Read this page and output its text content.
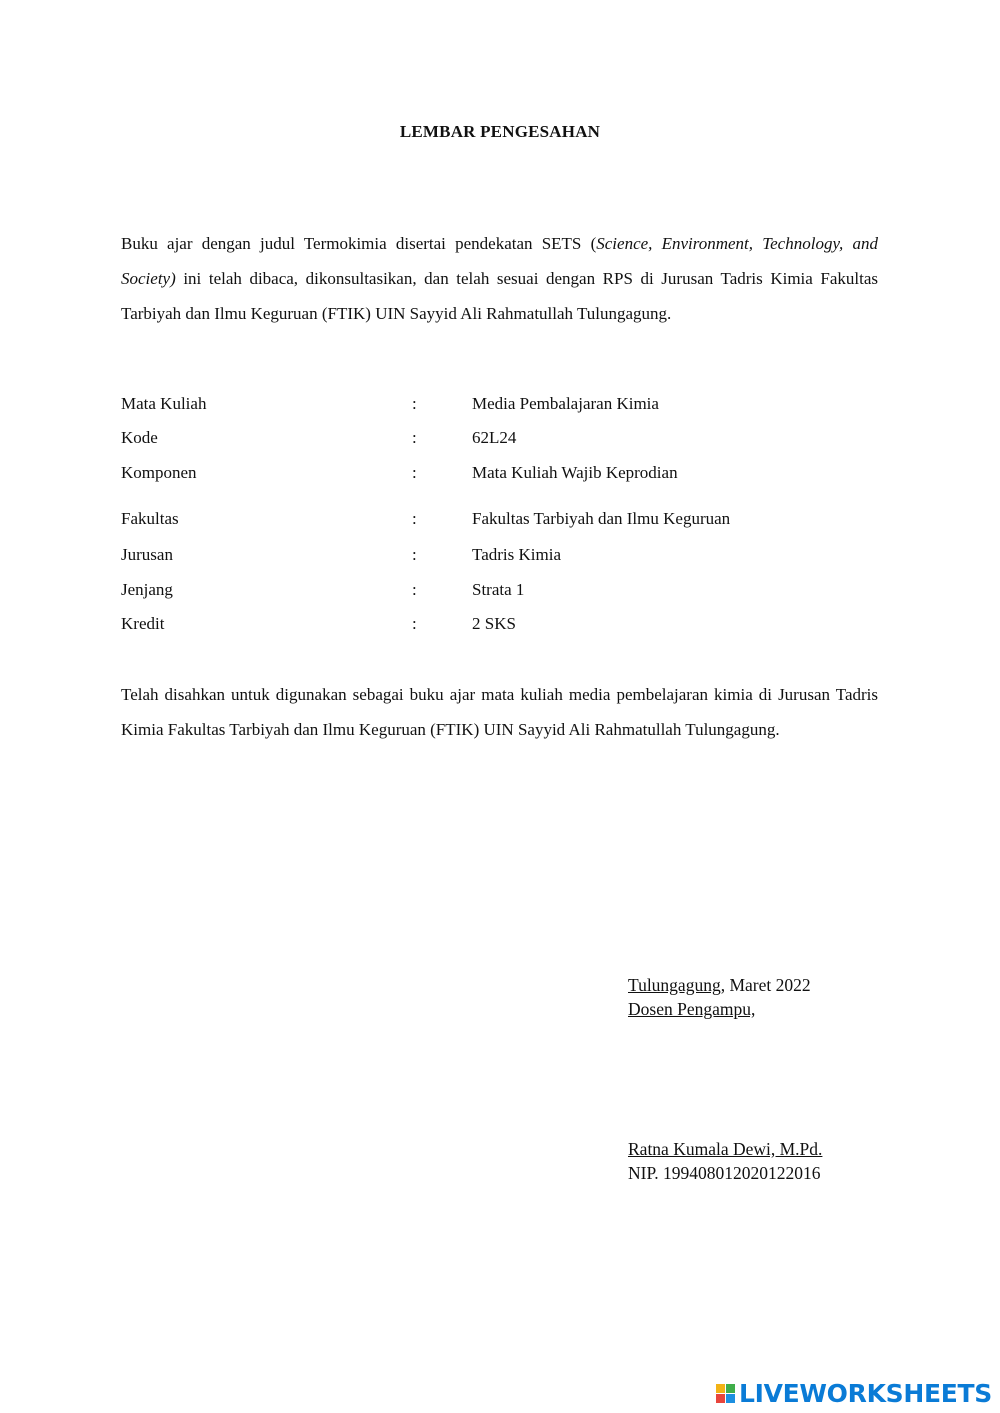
LEMBAR PENGESAHAN
Buku ajar dengan judul Termokimia disertai pendekatan SETS (Science, Environment, Technology, and Society) ini telah dibaca, dikonsultasikan, dan telah sesuai dengan RPS di Jurusan Tadris Kimia Fakultas Tarbiyah dan Ilmu Keguruan (FTIK) UIN Sayyid Ali Rahmatullah Tulungagung.
Mata Kuliah	:	Media Pembalajaran Kimia
Kode	:	62L24
Komponen	:	Mata Kuliah Wajib Keprodian
Fakultas	:	Fakultas Tarbiyah dan Ilmu Keguruan
Jurusan	:	Tadris Kimia
Jenjang	:	Strata 1
Kredit	:	2 SKS
Telah disahkan untuk digunakan sebagai buku ajar mata kuliah media pembelajaran kimia di Jurusan Tadris Kimia Fakultas Tarbiyah dan Ilmu Keguruan (FTIK) UIN Sayyid Ali Rahmatullah Tulungagung.
Tulungagung, Maret 2022
Dosen Pengampu,
Ratna Kumala Dewi, M.Pd.
NIP. 199408012020122016
LIVEWORKSHEETS
